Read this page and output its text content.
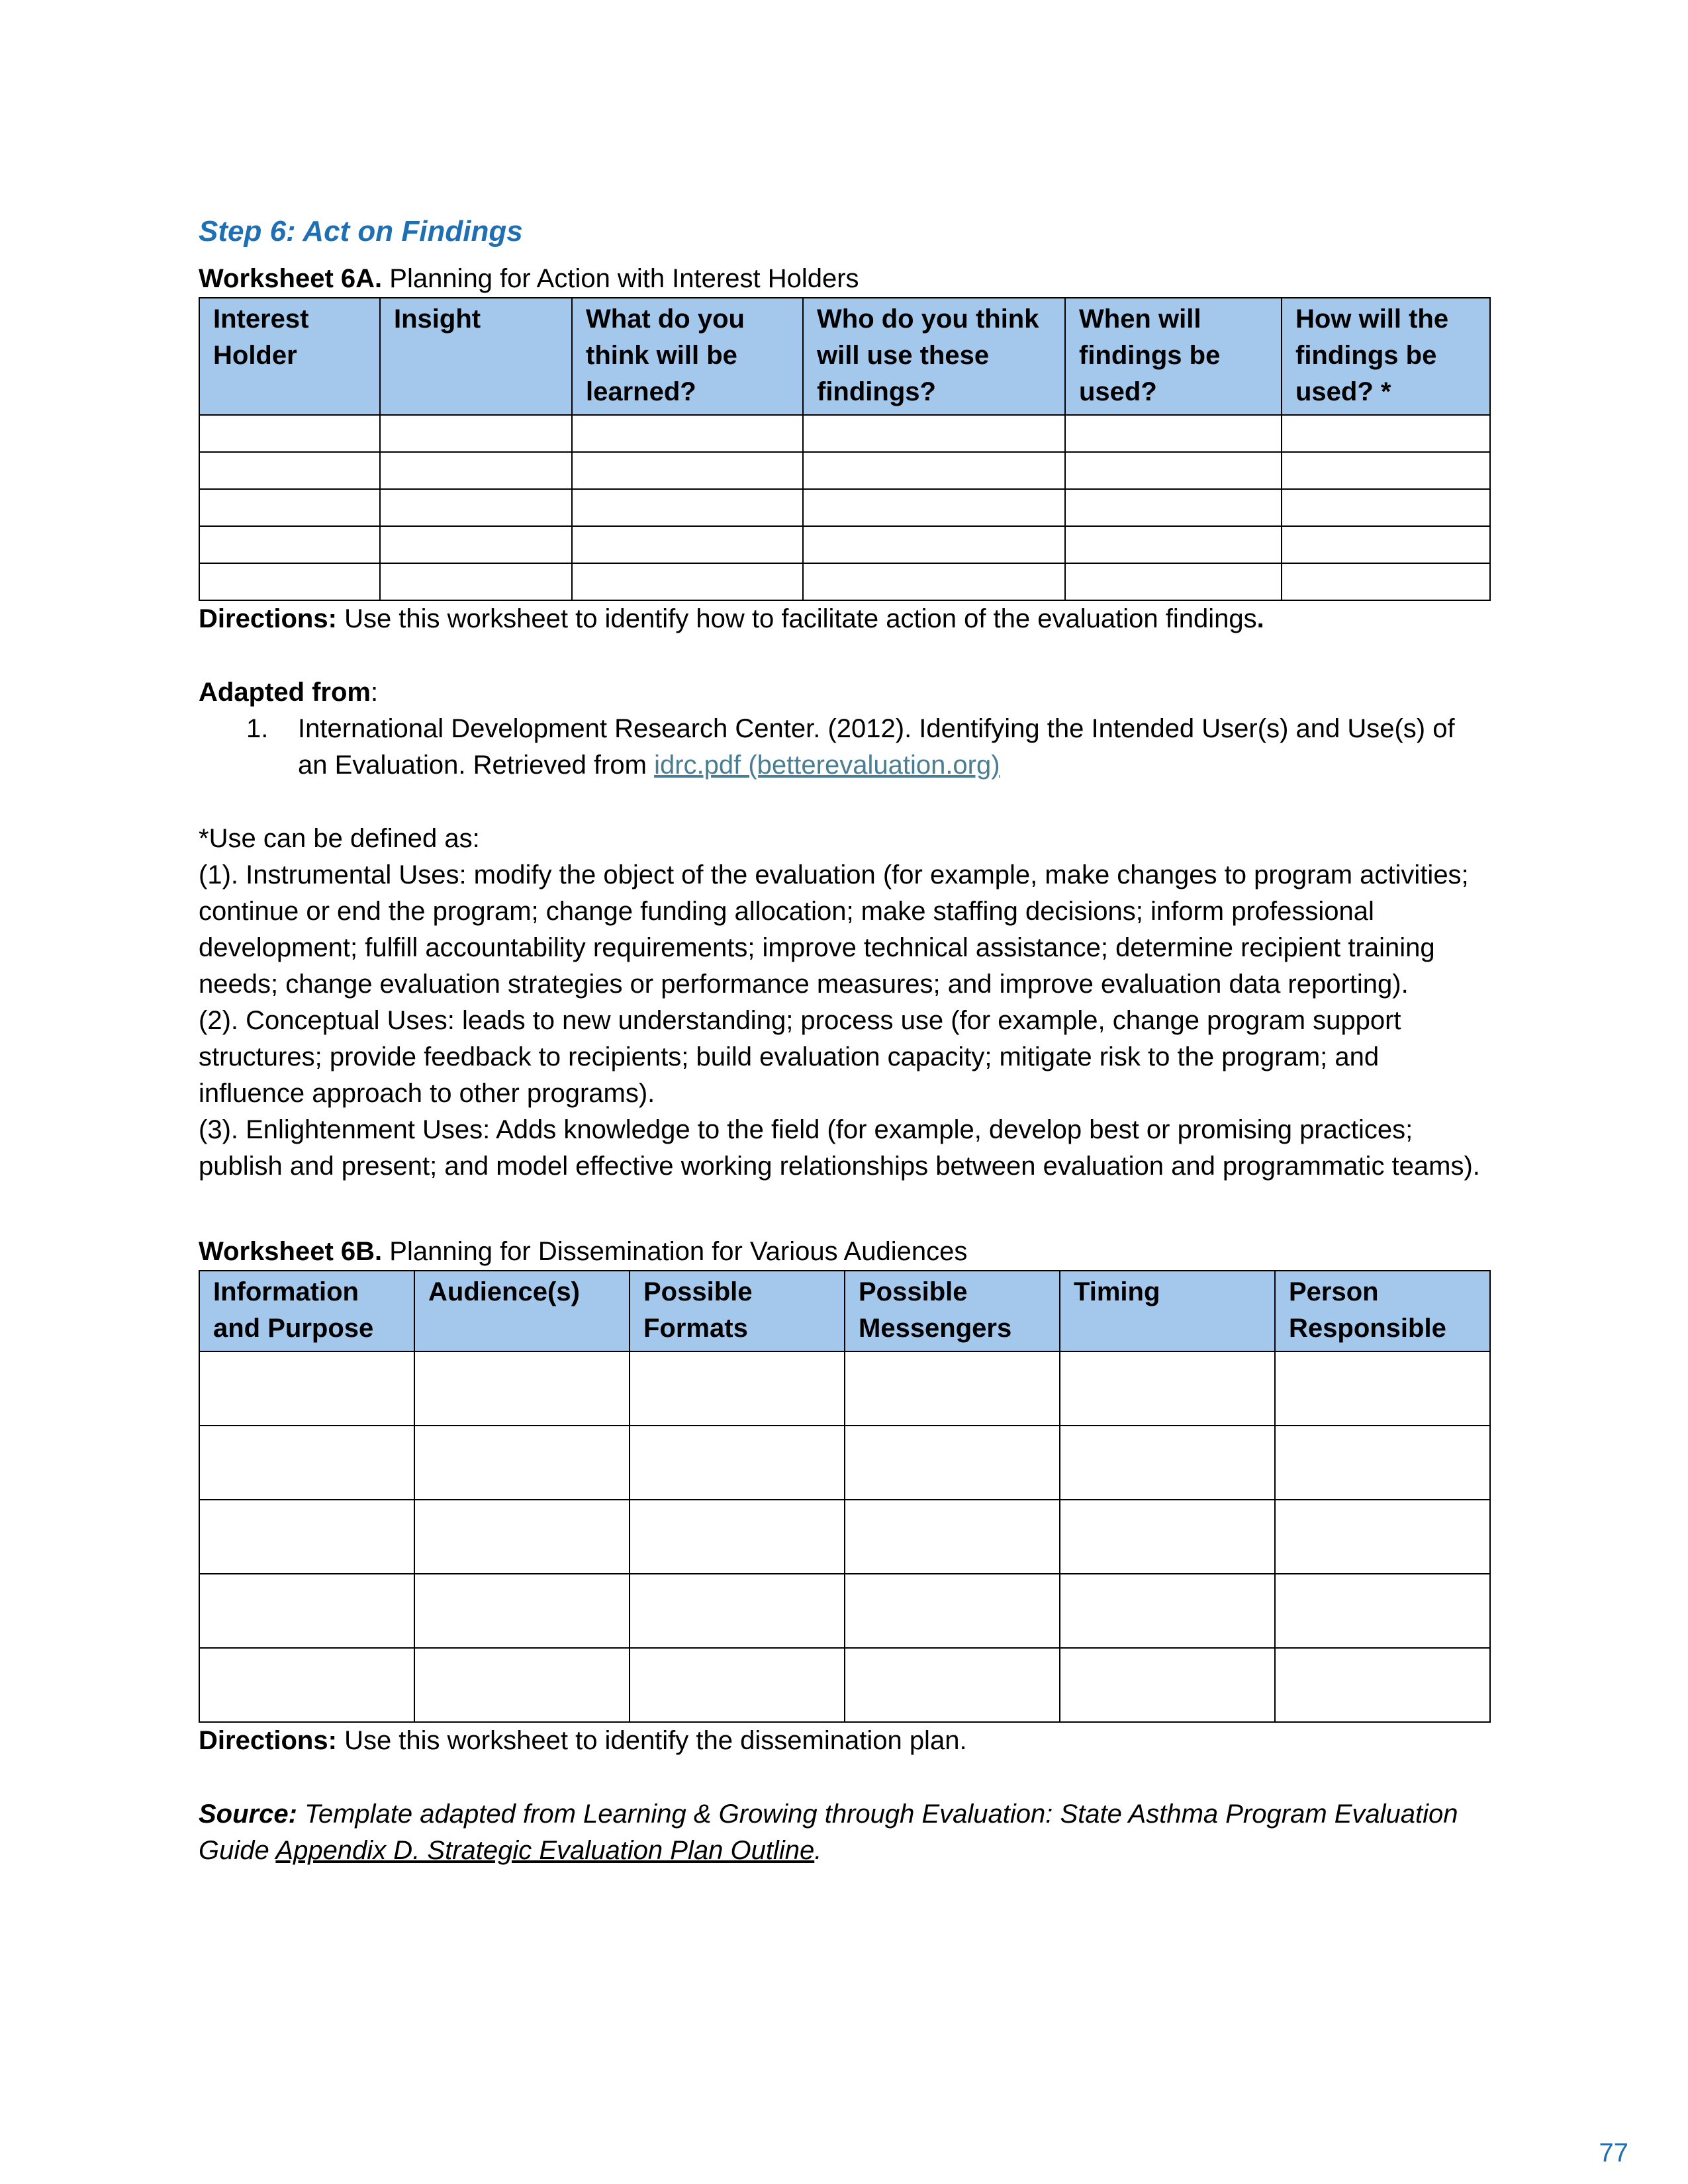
Step 6: Act on Findings

Worksheet 6A. Planning for Action with Interest Holders

Interest Holder	Insight	What do you think will be learned?	Who do you think will use these findings?	When will findings be used?	How will the findings be used? *

Directions: Use this worksheet to identify how to facilitate action of the evaluation findings.

Adapted from:

1. International Development Research Center. (2012). Identifying the Intended User(s) and Use(s) of an Evaluation. Retrieved from idrc.pdf (betterevaluation.org)

*Use can be defined as:

(1). Instrumental Uses: modify the object of the evaluation (for example, make changes to program activities; continue or end the program; change funding allocation; make staffing decisions; inform professional development; fulfill accountability requirements; improve technical assistance; determine recipient training needs; change evaluation strategies or performance measures; and improve evaluation data reporting).

(2). Conceptual Uses: leads to new understanding; process use (for example, change program support structures; provide feedback to recipients; build evaluation capacity; mitigate risk to the program; and influence approach to other programs).

(3). Enlightenment Uses: Adds knowledge to the field (for example, develop best or promising practices; publish and present; and model effective working relationships between evaluation and programmatic teams).

Worksheet 6B. Planning for Dissemination for Various Audiences

Information and Purpose	Audience(s)	Possible Formats	Possible Messengers	Timing	Person Responsible

Directions: Use this worksheet to identify the dissemination plan.

Source: Template adapted from Learning & Growing through Evaluation: State Asthma Program Evaluation Guide Appendix D. Strategic Evaluation Plan Outline.

77
